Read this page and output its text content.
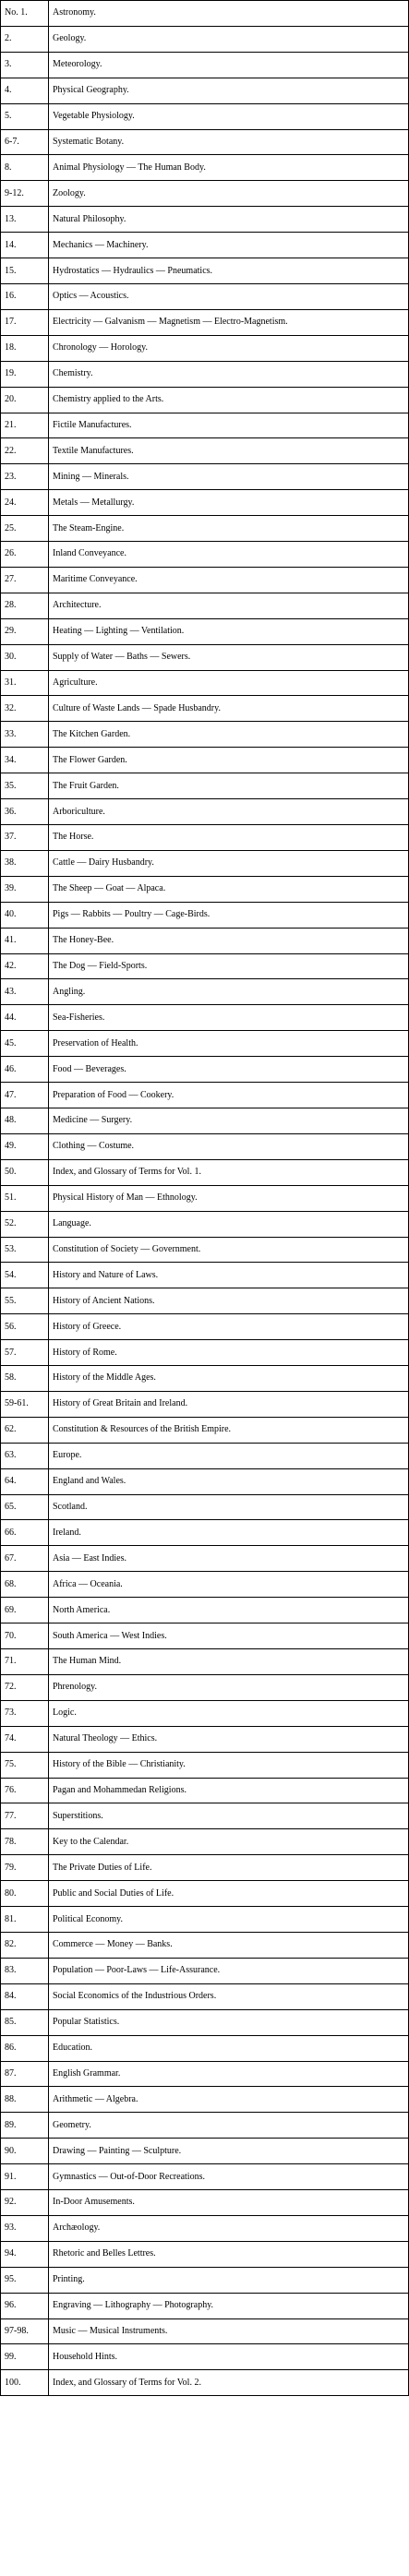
No. 1.	Astronomy.
2.	Geology.
3.	Meteorology.
4.	Physical Geography.
5.	Vegetable Physiology.
6-7.	Systematic Botany.
8.	Animal Physiology — The Human Body.
9-12.	Zoology.
13.	Natural Philosophy.
14.	Mechanics — Machinery.
15.	Hydrostatics — Hydraulics — Pneumatics.
16.	Optics — Acoustics.
17.	Electricity — Galvanism — Magnetism — Electro-Magnetism.
18.	Chronology — Horology.
19.	Chemistry.
20.	Chemistry applied to the Arts.
21.	Fictile Manufactures.
22.	Textile Manufactures.
23.	Mining — Minerals.
24.	Metals — Metallurgy.
25.	The Steam-Engine.
26.	Inland Conveyance.
27.	Maritime Conveyance.
28.	Architecture.
29.	Heating — Lighting — Ventilation.
30.	Supply of Water — Baths — Sewers.
31.	Agriculture.
32.	Culture of Waste Lands — Spade Husbandry.
33.	The Kitchen Garden.
34.	The Flower Garden.
35.	The Fruit Garden.
36.	Arboriculture.
37.	The Horse.
38.	Cattle — Dairy Husbandry.
39.	The Sheep — Goat — Alpaca.
40.	Pigs — Rabbits — Poultry — Cage-Birds.
41.	The Honey-Bee.
42.	The Dog — Field-Sports.
43.	Angling.
44.	Sea-Fisheries.
45.	Preservation of Health.
46.	Food — Beverages.
47.	Preparation of Food — Cookery.
48.	Medicine — Surgery.
49.	Clothing — Costume.
50.	Index, and Glossary of Terms for Vol. 1.
51.	Physical History of Man — Ethnology.
52.	Language.
53.	Constitution of Society — Government.
54.	History and Nature of Laws.
55.	History of Ancient Nations.
56.	History of Greece.
57.	History of Rome.
58.	History of the Middle Ages.
59-61.	History of Great Britain and Ireland.
62.	Constitution & Resources of the British Empire.
63.	Europe.
64.	England and Wales.
65.	Scotland.
66.	Ireland.
67.	Asia — East Indies.
68.	Africa — Oceania.
69.	North America.
70.	South America — West Indies.
71.	The Human Mind.
72.	Phrenology.
73.	Logic.
74.	Natural Theology — Ethics.
75.	History of the Bible — Christianity.
76.	Pagan and Mohammedan Religions.
77.	Superstitions.
78.	Key to the Calendar.
79.	The Private Duties of Life.
80.	Public and Social Duties of Life.
81.	Political Economy.
82.	Commerce — Money — Banks.
83.	Population — Poor-Laws — Life-Assurance.
84.	Social Economics of the Industrious Orders.
85.	Popular Statistics.
86.	Education.
87.	English Grammar.
88.	Arithmetic — Algebra.
89.	Geometry.
90.	Drawing — Painting — Sculpture.
91.	Gymnastics — Out-of-Door Recreations.
92.	In-Door Amusements.
93.	Archæology.
94.	Rhetoric and Belles Lettres.
95.	Printing.
96.	Engraving — Lithography — Photography.
97-98.	Music — Musical Instruments.
99.	Household Hints.
100.	Index, and Glossary of Terms for Vol. 2.
